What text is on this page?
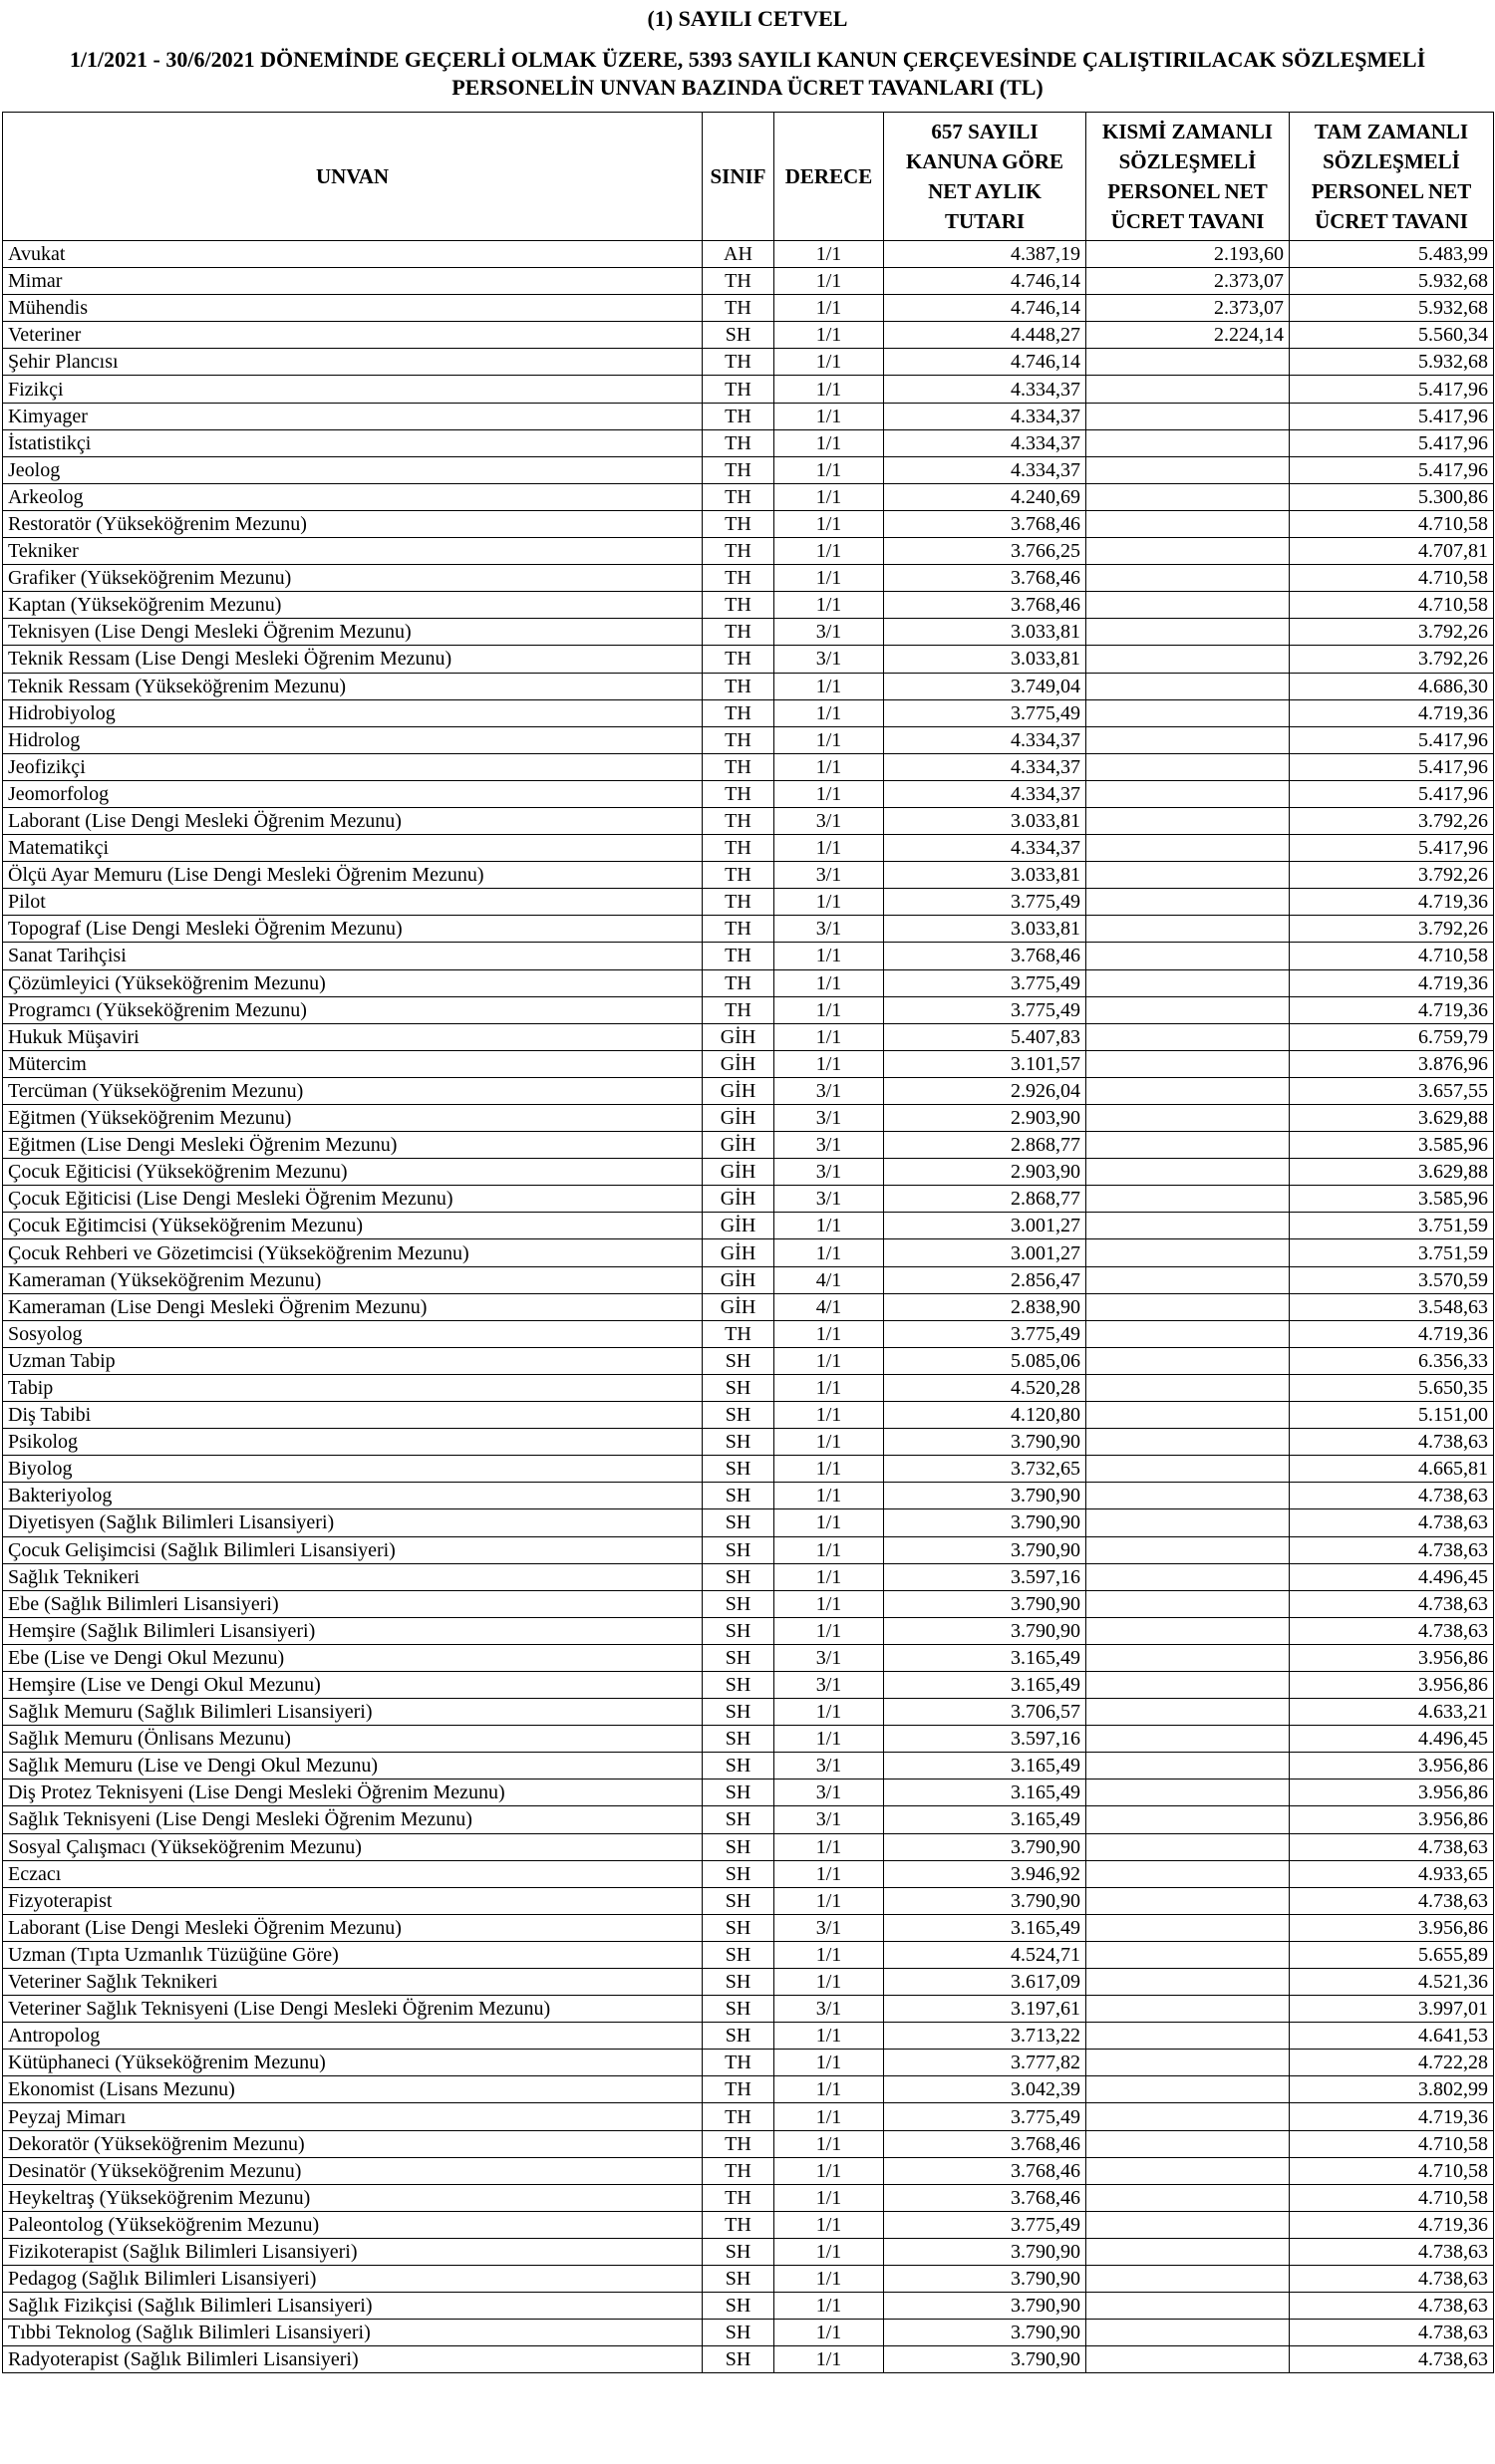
(1) SAYILI CETVEL
1/1/2021 - 30/6/2021 DÖNEMİNDE GEÇERLİ OLMAK ÜZERE, 5393 SAYILI KANUN ÇERÇEVESİNDE ÇALIŞTIRILACAK SÖZLEŞMELİ
PERSONELİN UNVAN BAZINDA ÜCRET TAVANLARI (TL)
UNVAN	SINIF	DERECE	657 SAYILI KANUNA GÖRE NET AYLIK TUTARI	KISMİ ZAMANLI SÖZLEŞMELİ PERSONEL NET ÜCRET TAVANI	TAM ZAMANLI SÖZLEŞMELİ PERSONEL NET ÜCRET TAVANI
Avukat	AH	1/1	4.387,19	2.193,60	5.483,99
Mimar	TH	1/1	4.746,14	2.373,07	5.932,68
Mühendis	TH	1/1	4.746,14	2.373,07	5.932,68
Veteriner	SH	1/1	4.448,27	2.224,14	5.560,34
Şehir Plancısı	TH	1/1	4.746,14		5.932,68
Fizikçi	TH	1/1	4.334,37		5.417,96
Kimyager	TH	1/1	4.334,37		5.417,96
İstatistikçi	TH	1/1	4.334,37		5.417,96
Jeolog	TH	1/1	4.334,37		5.417,96
Arkeolog	TH	1/1	4.240,69		5.300,86
Restoratör (Yükseköğrenim Mezunu)	TH	1/1	3.768,46		4.710,58
Tekniker	TH	1/1	3.766,25		4.707,81
Grafiker (Yükseköğrenim Mezunu)	TH	1/1	3.768,46		4.710,58
Kaptan (Yükseköğrenim Mezunu)	TH	1/1	3.768,46		4.710,58
Teknisyen (Lise Dengi Mesleki Öğrenim Mezunu)	TH	3/1	3.033,81		3.792,26
Teknik Ressam (Lise Dengi Mesleki Öğrenim Mezunu)	TH	3/1	3.033,81		3.792,26
Teknik Ressam (Yükseköğrenim Mezunu)	TH	1/1	3.749,04		4.686,30
Hidrobiyolog	TH	1/1	3.775,49		4.719,36
Hidrolog	TH	1/1	4.334,37		5.417,96
Jeofizikçi	TH	1/1	4.334,37		5.417,96
Jeomorfolog	TH	1/1	4.334,37		5.417,96
Laborant (Lise Dengi Mesleki Öğrenim Mezunu)	TH	3/1	3.033,81		3.792,26
Matematikçi	TH	1/1	4.334,37		5.417,96
Ölçü Ayar Memuru (Lise Dengi Mesleki Öğrenim Mezunu)	TH	3/1	3.033,81		3.792,26
Pilot	TH	1/1	3.775,49		4.719,36
Topograf (Lise Dengi Mesleki Öğrenim Mezunu)	TH	3/1	3.033,81		3.792,26
Sanat Tarihçisi	TH	1/1	3.768,46		4.710,58
Çözümleyici (Yükseköğrenim Mezunu)	TH	1/1	3.775,49		4.719,36
Programcı (Yükseköğrenim Mezunu)	TH	1/1	3.775,49		4.719,36
Hukuk Müşaviri	GİH	1/1	5.407,83		6.759,79
Mütercim	GİH	1/1	3.101,57		3.876,96
Tercüman (Yükseköğrenim Mezunu)	GİH	3/1	2.926,04		3.657,55
Eğitmen (Yükseköğrenim Mezunu)	GİH	3/1	2.903,90		3.629,88
Eğitmen (Lise Dengi Mesleki Öğrenim Mezunu)	GİH	3/1	2.868,77		3.585,96
Çocuk Eğiticisi (Yükseköğrenim Mezunu)	GİH	3/1	2.903,90		3.629,88
Çocuk Eğiticisi (Lise Dengi Mesleki Öğrenim Mezunu)	GİH	3/1	2.868,77		3.585,96
Çocuk Eğitimcisi (Yükseköğrenim Mezunu)	GİH	1/1	3.001,27		3.751,59
Çocuk Rehberi ve Gözetimcisi (Yükseköğrenim Mezunu)	GİH	1/1	3.001,27		3.751,59
Kameraman (Yükseköğrenim Mezunu)	GİH	4/1	2.856,47		3.570,59
Kameraman (Lise Dengi Mesleki Öğrenim Mezunu)	GİH	4/1	2.838,90		3.548,63
Sosyolog	TH	1/1	3.775,49		4.719,36
Uzman Tabip	SH	1/1	5.085,06		6.356,33
Tabip	SH	1/1	4.520,28		5.650,35
Diş Tabibi	SH	1/1	4.120,80		5.151,00
Psikolog	SH	1/1	3.790,90		4.738,63
Biyolog	SH	1/1	3.732,65		4.665,81
Bakteriyolog	SH	1/1	3.790,90		4.738,63
Diyetisyen (Sağlık Bilimleri Lisansiyeri)	SH	1/1	3.790,90		4.738,63
Çocuk Gelişimcisi (Sağlık Bilimleri Lisansiyeri)	SH	1/1	3.790,90		4.738,63
Sağlık Teknikeri	SH	1/1	3.597,16		4.496,45
Ebe (Sağlık Bilimleri Lisansiyeri)	SH	1/1	3.790,90		4.738,63
Hemşire (Sağlık Bilimleri Lisansiyeri)	SH	1/1	3.790,90		4.738,63
Ebe (Lise ve Dengi Okul Mezunu)	SH	3/1	3.165,49		3.956,86
Hemşire (Lise ve Dengi Okul Mezunu)	SH	3/1	3.165,49		3.956,86
Sağlık Memuru (Sağlık Bilimleri Lisansiyeri)	SH	1/1	3.706,57		4.633,21
Sağlık Memuru (Önlisans Mezunu)	SH	1/1	3.597,16		4.496,45
Sağlık Memuru (Lise ve Dengi Okul Mezunu)	SH	3/1	3.165,49		3.956,86
Diş Protez Teknisyeni (Lise Dengi Mesleki Öğrenim Mezunu)	SH	3/1	3.165,49		3.956,86
Sağlık Teknisyeni (Lise Dengi Mesleki Öğrenim Mezunu)	SH	3/1	3.165,49		3.956,86
Sosyal Çalışmacı (Yükseköğrenim Mezunu)	SH	1/1	3.790,90		4.738,63
Eczacı	SH	1/1	3.946,92		4.933,65
Fizyoterapist	SH	1/1	3.790,90		4.738,63
Laborant (Lise Dengi Mesleki Öğrenim Mezunu)	SH	3/1	3.165,49		3.956,86
Uzman (Tıpta Uzmanlık Tüzüğüne Göre)	SH	1/1	4.524,71		5.655,89
Veteriner Sağlık Teknikeri	SH	1/1	3.617,09		4.521,36
Veteriner Sağlık Teknisyeni (Lise Dengi Mesleki Öğrenim Mezunu)	SH	3/1	3.197,61		3.997,01
Antropolog	SH	1/1	3.713,22		4.641,53
Kütüphaneci (Yükseköğrenim Mezunu)	TH	1/1	3.777,82		4.722,28
Ekonomist (Lisans Mezunu)	TH	1/1	3.042,39		3.802,99
Peyzaj Mimarı	TH	1/1	3.775,49		4.719,36
Dekoratör (Yükseköğrenim Mezunu)	TH	1/1	3.768,46		4.710,58
Desinatör (Yükseköğrenim Mezunu)	TH	1/1	3.768,46		4.710,58
Heykeltraş (Yükseköğrenim Mezunu)	TH	1/1	3.768,46		4.710,58
Paleontolog (Yükseköğrenim Mezunu)	TH	1/1	3.775,49		4.719,36
Fizikoterapist (Sağlık Bilimleri Lisansiyeri)	SH	1/1	3.790,90		4.738,63
Pedagog (Sağlık Bilimleri Lisansiyeri)	SH	1/1	3.790,90		4.738,63
Sağlık Fizikçisi (Sağlık Bilimleri Lisansiyeri)	SH	1/1	3.790,90		4.738,63
Tıbbi Teknolog (Sağlık Bilimleri Lisansiyeri)	SH	1/1	3.790,90		4.738,63
Radyoterapist (Sağlık Bilimleri Lisansiyeri)	SH	1/1	3.790,90		4.738,63
